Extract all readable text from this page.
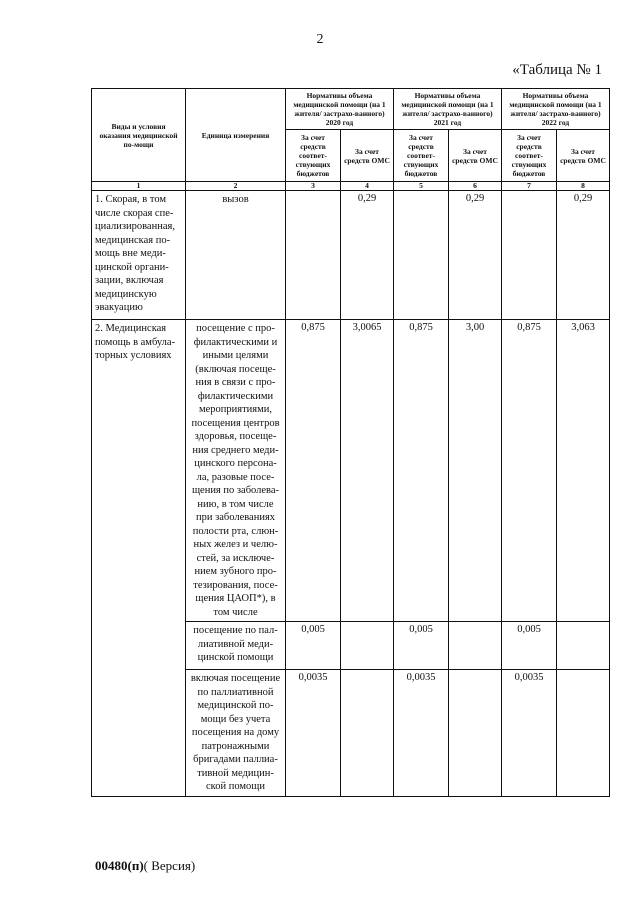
2
«Таблица № 1
Виды и условия оказания медицинской по-мощи	Единица измерения	Нормативы объема медицинской помощи (на 1 жителя/ застрахо-ванного) 2020 год		Нормативы объема медицинской помощи (на 1 жителя/ застрахо-ванного) 2021 год		Нормативы объема медицинской помощи (на 1 жителя/ застрахо-ванного) 2022 год	
		За счет средств соответ-ствующих бюджетов	За счет средств ОМС	За счет средств соответ-ствующих бюджетов	За счет средств ОМС	За счет средств соответ-ствующих бюджетов	За счет средств ОМС
1	2	3	4	5	6	7	8
1. Скорая, в том числе скорая спе-циализированная, медицинская по-мощь вне меди-цинской органи-зации, включая медицинскую эвакуацию	вызов		0,29		0,29		0,29
2. Медицинская помощь в амбула-торных условиях	посещение с про-филактическими и иными целями (включая посеще-ния в связи с про-филактическими мероприятиями, посещения центров здоровья, посеще-ния среднего меди-цинского персона-ла, разовые посе-щения по заболева-нию, в том числе при заболеваниях полости рта, слюн-ных желез и челю-стей, за исключе-нием зубного про-тезирования, посе-щения ЦАОП*), в том числе	0,875	3,0065	0,875	3,00	0,875	3,063
	посещение по пал-лиативной меди-цинской помощи	0,005		0,005		0,005	
	включая посещение по паллиативной медицинской по-мощи без учета посещения на дому патронажными бригадами паллиа-тивной медицин-ской помощи	0,0035		0,0035		0,0035	
00480(п)( Версия)
